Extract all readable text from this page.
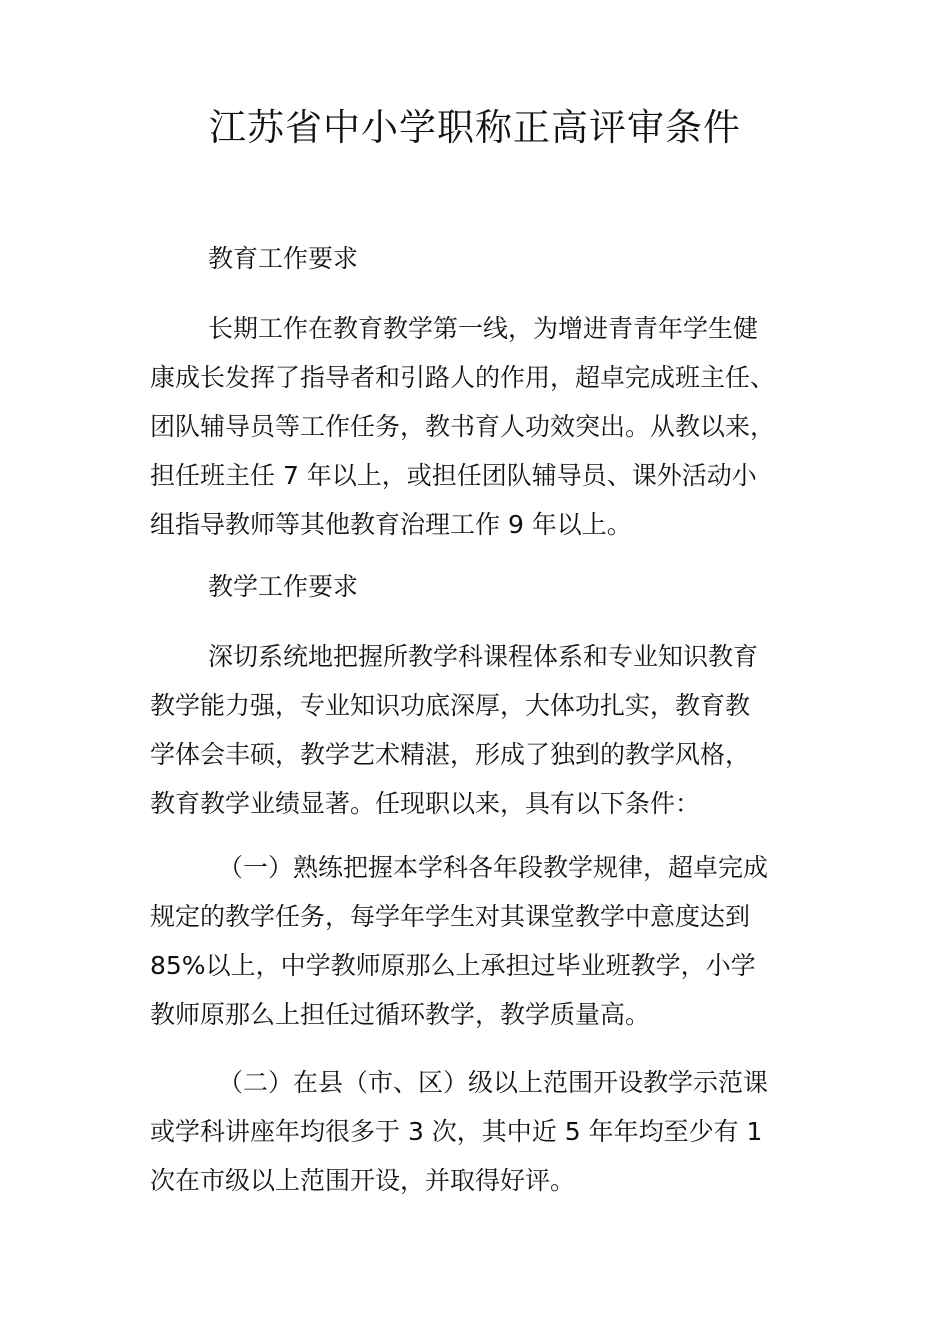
江苏省中小学职称正高评审条件
教育工作要求

长期工作在教育教学第一线，为增进青青年学生健
康成长发挥了指导者和引路人的作用，超卓完成班主任、
团队辅导员等工作任务，教书育人功效突出。从教以来，
担任班主任 7 年以上，或担任团队辅导员、课外活动小
组指导教师等其他教育治理工作 9 年以上。

教学工作要求

深切系统地把握所教学科课程体系和专业知识教育
教学能力强，专业知识功底深厚，大体功扎实，教育教
学体会丰硕，教学艺术精湛，形成了独到的教学风格，
教育教学业绩显著。任现职以来，具有以下条件：

（一）熟练把握本学科各年段教学规律，超卓完成
规定的教学任务，每学年学生对其课堂教学中意度达到
85%以上，中学教师原那么上承担过毕业班教学，小学
教师原那么上担任过循环教学，教学质量高。

（二）在县（市、区）级以上范围开设教学示范课
或学科讲座年均很多于 3 次，其中近 5 年年均至少有 1
次在市级以上范围开设，并取得好评。
